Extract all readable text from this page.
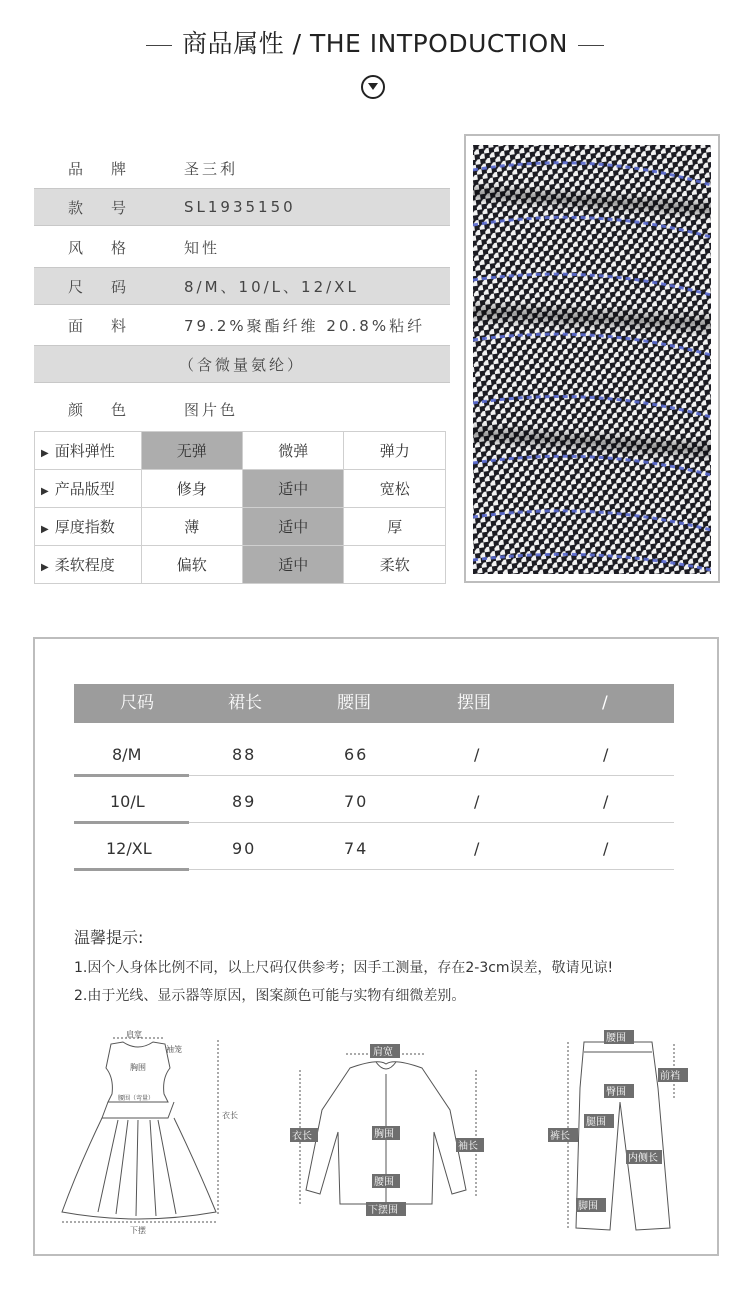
商品属性 / THE INTPODUCTION
品牌	圣三利
款号	SL1935150
风格	知性
尺码	8/M、10/L、12/XL
面料	79.2%聚酯纤维 20.8%粘纤
（含微量氨纶）
颜色	图片色
▶ 面料弹性	无弹	微弹	弹力
▶ 产品版型	修身	适中	宽松
▶ 厚度指数	薄	适中	厚
▶ 柔软程度	偏软	适中	柔软
尺码	裙长	腰围	摆围	/
8/M	88	66	/	/
10/L	89	70	/	/
12/XL	90	74	/	/
温馨提示:
1.因个人身体比例不同，以上尺码仅供参考；因手工测量，存在2-3cm误差，敬请见谅!
2.由于光线、显示器等原因，图案颜色可能与实物有细微差别。
肩宽
袖笼
胸围
腰围（弯量）
衣长
下摆
肩宽
衣长	胸围
袖长
腰围
下摆围
腰围
前裆
臀围
腿围
裤长
内侧长
脚围
